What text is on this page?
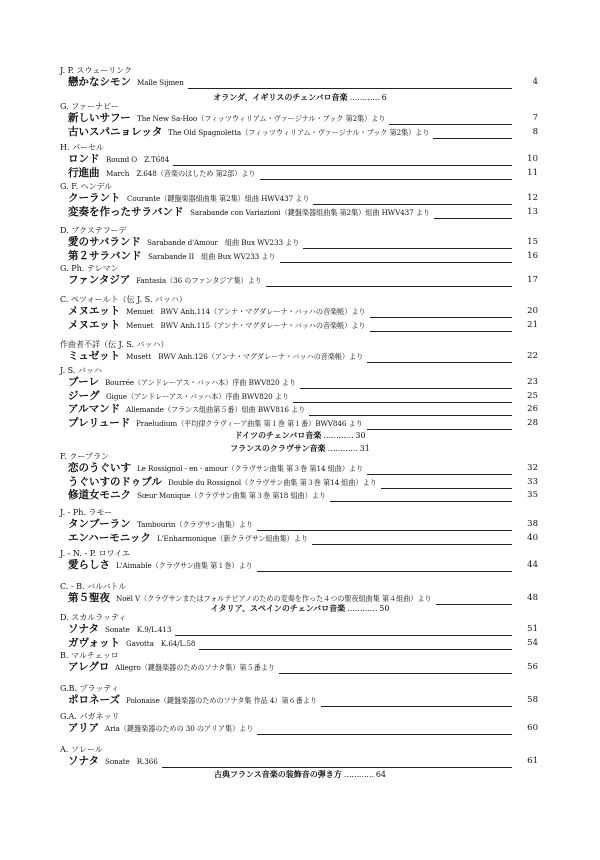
J. P. スウェーリンク
戀かなシモン Malle Sijmen	4
オランダ、イギリスのチェンバロ音楽 ………… 6
G. ファーナビー
新しいサフー The New Sa-Hoo（フィッツウィリアム・ヴァージナル・ブック 第2集）より	7
古いスパニョレッタ The Old Spagnoletta（フィッツウィリアム・ヴァージナル・ブック 第2集）より	8
H. パーセル
ロンド Round O　Z.T684	10
行進曲 March　Z.648（音楽のはしため 第2部）より	11
G. F. ヘンデル
クーラント Courante（鍵盤楽器組曲集 第2集）組曲 HWV437 より	12
変奏を作ったサラバンド Sarabande con Variazioni（鍵盤楽器組曲集 第2集）組曲 HWV437 より	13
D. ブクステフーデ
愛のサバランド Sarabande d'Amour　組曲 Bux WV233 より	15
第２サラバンド Sarabande II　組曲 Bux WV233 より	16
G. Ph. テレマン
ファンタジア Fantasia（36 のファンタジア集）より	17
C. ペツォールト（伝 J. S. バッハ）
メヌエット Menuet　BWV Anh.114（アンナ・マグダレーナ・バッハの音楽帳）より	20
メヌエット Menuet　BWV Anh.115（アンナ・マグダレーナ・バッハの音楽帳）より	21
作曲者不詳（伝 J. S. バッハ）
ミュゼット Musett　BWV Anh.126（アンナ・マグダレーナ・バッハの音楽帳）より	22
J. S. バッハ
ブーレ Bourrée（アンドレーアス・バッハ本）序曲 BWV820 より	23
ジーグ Gigue（アンドレーアス・バッハ本）序曲 BWV820 より	25
アルマンド Allemande（フランス組曲第５番）組曲 BWV816 より	26
プレリュード Praeludium（平均律クラヴィーア曲集 第１巻 第１番）BWV846 より	28
ドイツのチェンバロ音楽 ………… 30
フランスのクラヴサン音楽 ………… 31
F. クープラン
恋のうぐいす Le Rossignol - en - amour（クラヴサン曲集 第３巻 第14 組曲）より	32
うぐいすのドゥブル Double du Rossignol（クラヴサン曲集 第３巻 第14 組曲）より	33
修道女モニク Sœur Monique（クラヴサン曲集 第３巻 第18 組曲）より	35
J. - Ph. ラモー
タンブーラン Tambourin（クラヴサン曲集）より	38
エンハーモニック L'Enharmonique（新クラヴサン組曲集）より	40
J. - N. - P. ロワイエ
愛らしさ L'Aimable（クラヴサン曲集 第１巻）より	44
C. - B. バルバトル
第５聖夜 Noël V（クラヴサンまたはフォルテピアノのための変奏を作った４つの聖夜組曲集 第４組曲）より	48
イタリア、スペインのチェンバロ音楽 ………… 50
D. スカルラッティ
ソナタ Sonate　K.9/L.413	51
ガヴォット Gavotta　K.64/L.58	54
B. マルチェッロ
アレグロ Allegro（鍵盤楽器のためのソナタ集）第５番より	56
G.B. プラッティ
ポロネーズ Polonaise（鍵盤楽器のためのソナタ集 作品 4）第６番より	58
G.A. パガネッリ
アリア Aria（鍵盤楽器のための 30 のアリア集）より	60
A. ソレール
ソナタ Sonate　R.366	61
古典フランス音楽の装飾音の弾き方 ………… 64
